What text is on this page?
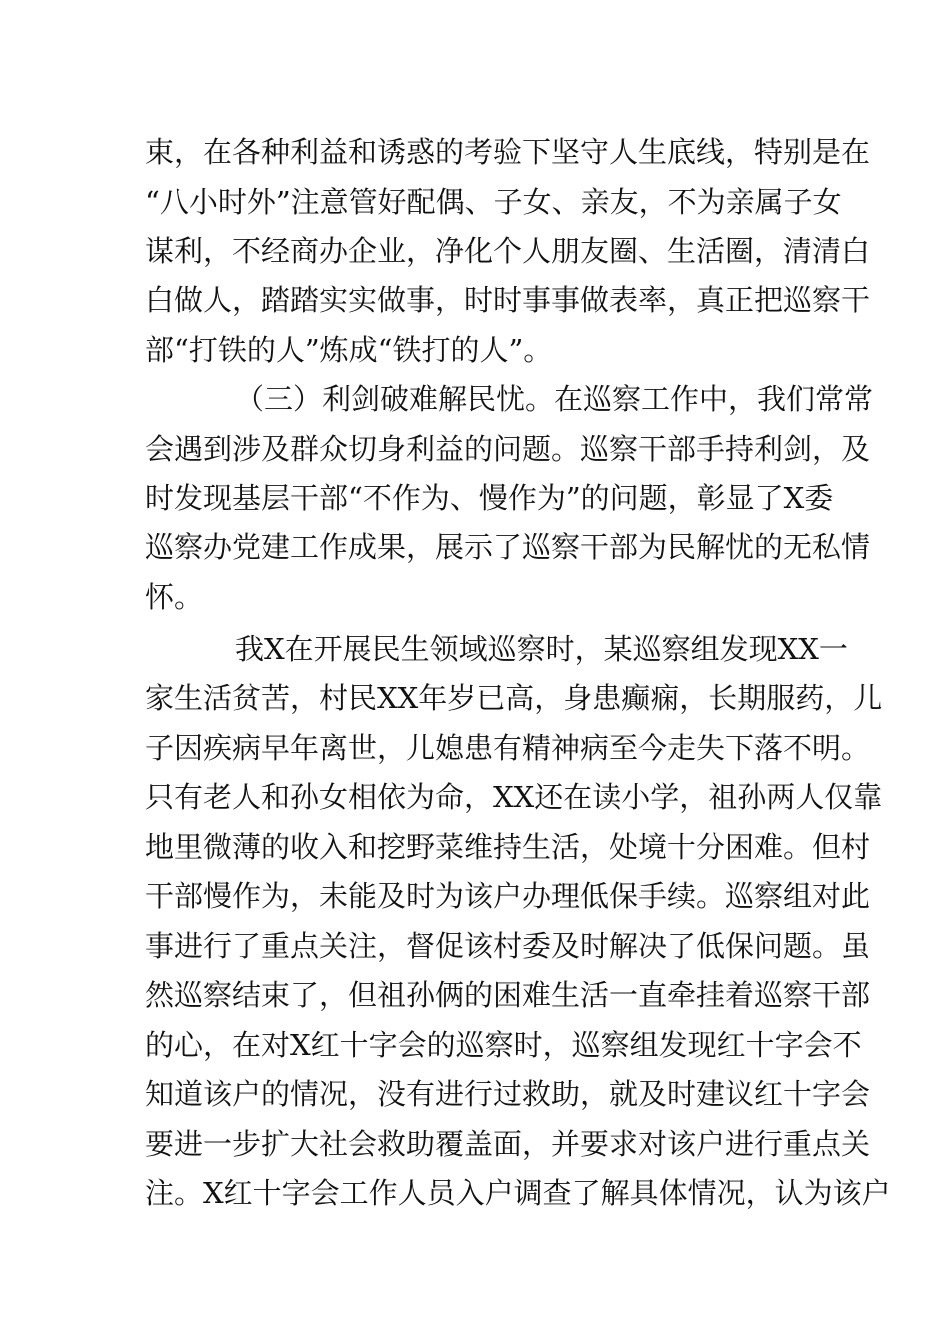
束，在各种利益和诱惑的考验下坚守人生底线，特别是在
“八小时外”注意管好配偶、子女、亲友，不为亲属子女
谋利，不经商办企业，净化个人朋友圈、生活圈，清清白
白做人，踏踏实实做事，时时事事做表率，真正把巡察干
部“打铁的人”炼成“铁打的人”。
（三）利剑破难解民忧。在巡察工作中，我们常常
会遇到涉及群众切身利益的问题。巡察干部手持利剑，及
时发现基层干部“不作为、慢作为”的问题，彰显了X委
巡察办党建工作成果，展示了巡察干部为民解忧的无私情
怀。
我X在开展民生领域巡察时，某巡察组发现XX一
家生活贫苦，村民XX年岁已高，身患癫痫，长期服药，儿
子因疾病早年离世，儿媳患有精神病至今走失下落不明。
只有老人和孙女相依为命，XX还在读小学，祖孙两人仅靠
地里微薄的收入和挖野菜维持生活，处境十分困难。但村
干部慢作为，未能及时为该户办理低保手续。巡察组对此
事进行了重点关注，督促该村委及时解决了低保问题。虽
然巡察结束了，但祖孙俩的困难生活一直牵挂着巡察干部
的心，在对X红十字会的巡察时，巡察组发现红十字会不
知道该户的情况，没有进行过救助，就及时建议红十字会
要进一步扩大社会救助覆盖面，并要求对该户进行重点关
注。X红十字会工作人员入户调查了解具体情况，认为该户
